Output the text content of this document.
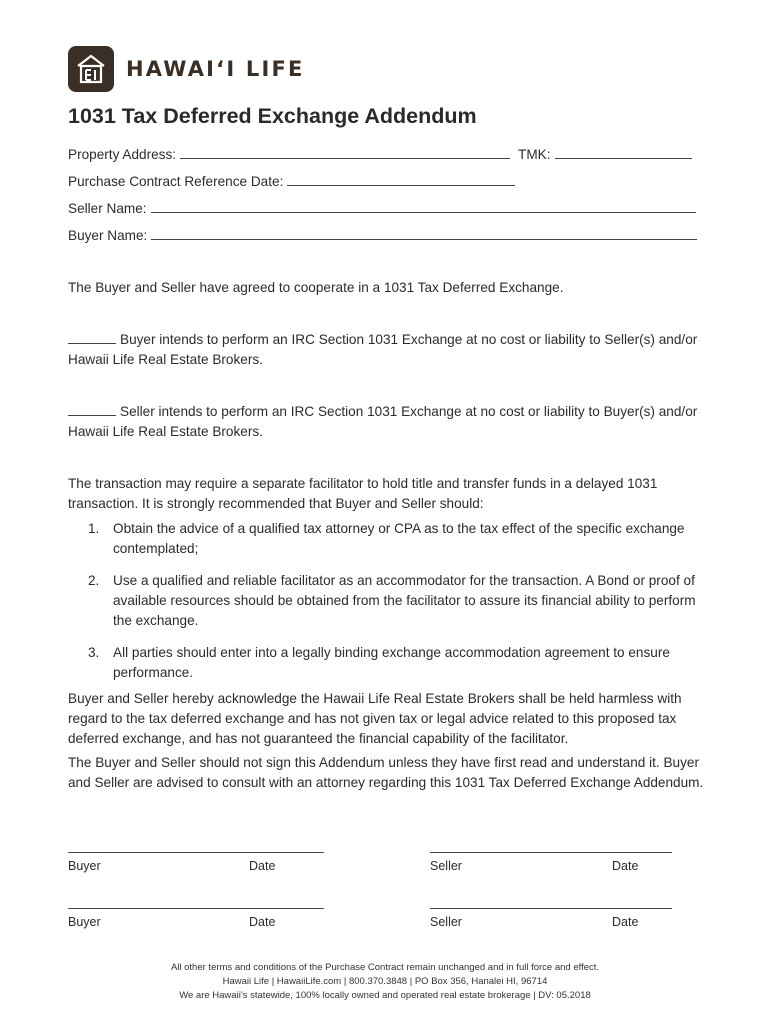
HAWAIʻI LIFE
1031 Tax Deferred Exchange Addendum
Property Address:	TMK:
Purchase Contract Reference Date:
Seller Name:
Buyer Name:

The Buyer and Seller have agreed to cooperate in a 1031 Tax Deferred Exchange.

Buyer intends to perform an IRC Section 1031 Exchange at no cost or liability to Seller(s) and/or Hawaii Life Real Estate Brokers.

Seller intends to perform an IRC Section 1031 Exchange at no cost or liability to Buyer(s) and/or Hawaii Life Real Estate Brokers.

The transaction may require a separate facilitator to hold title and transfer funds in a delayed 1031 transaction. It is strongly recommended that Buyer and Seller should:

1.	Obtain the advice of a qualified tax attorney or CPA as to the tax effect of the specific exchange contemplated;
2.	Use a qualified and reliable facilitator as an accommodator for the transaction. A Bond or proof of available resources should be obtained from the facilitator to assure its financial ability to perform the exchange.
3.	All parties should enter into a legally binding exchange accommodation agreement to ensure performance.

Buyer and Seller hereby acknowledge the Hawaii Life Real Estate Brokers shall be held harmless with regard to the tax deferred exchange and has not given tax or legal advice related to this proposed tax deferred exchange, and has not guaranteed the financial capability of the facilitator.

The Buyer and Seller should not sign this Addendum unless they have first read and understand it. Buyer and Seller are advised to consult with an attorney regarding this 1031 Tax Deferred Exchange Addendum.

Buyer	Date	Seller	Date
Buyer	Date	Seller	Date
All other terms and conditions of the Purchase Contract remain unchanged and in full force and effect.
Hawaii Life | HawaiiLife.com | 800.370.3848 | PO Box 356, Hanalei HI, 96714
We are Hawaii’s statewide, 100% locally owned and operated real estate brokerage | DV: 05.2018
